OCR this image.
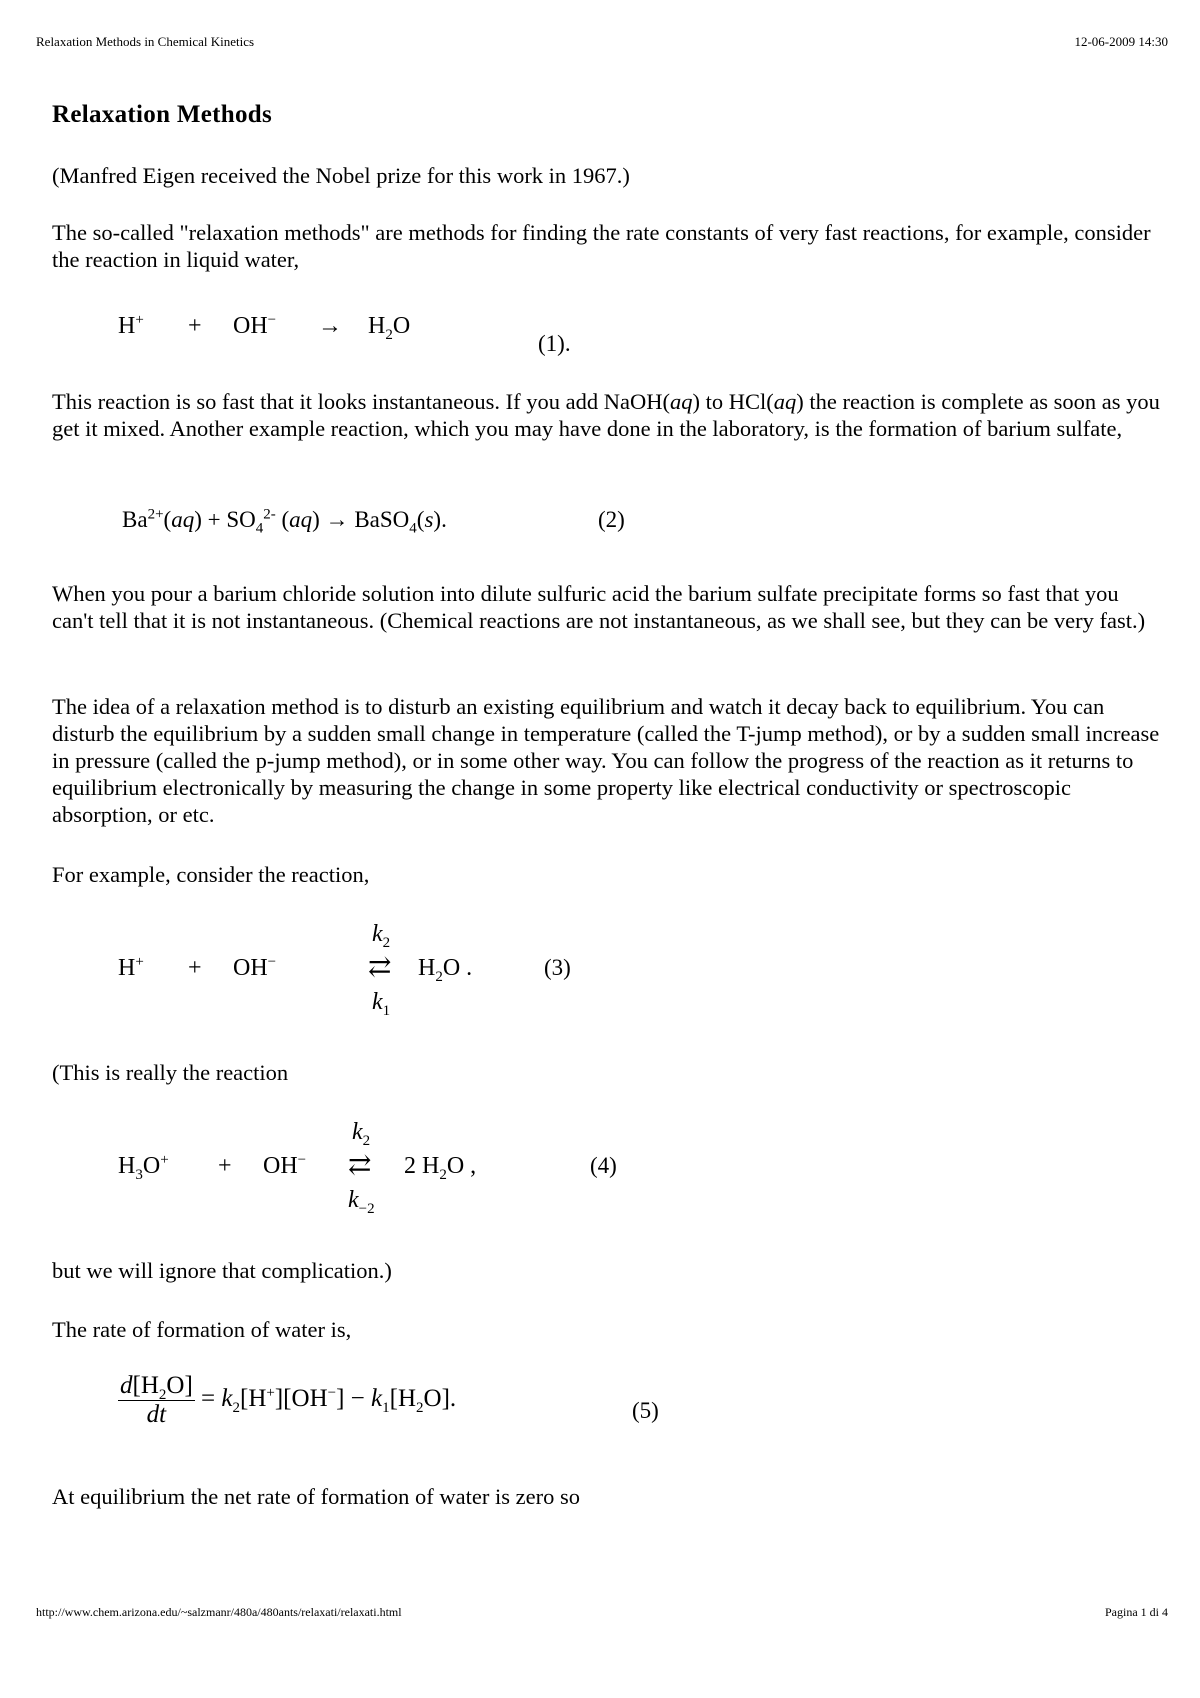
Relaxation Methods in Chemical Kinetics	12-06-2009 14:30
Relaxation Methods

(Manfred Eigen received the Nobel prize for this work in 1967.)

The so-called "relaxation methods" are methods for finding the rate constants of very fast reactions, for example, consider the reaction in liquid water,

$H^+ + OH^- \to H_2O$
(1).

This reaction is so fast that it looks instantaneous. If you add NaOH(aq) to HCl(aq) the reaction is complete as soon as you get it mixed. Another example reaction, which you may have done in the laboratory, is the formation of barium sulfate,

$Ba^{2+}(aq) + SO_4^{2-}$ (aq) → BaSO$_4$(s).	(2)

When you pour a barium chloride solution into dilute sulfuric acid the barium sulfate precipitate forms so fast that you can't tell that it is not instantaneous. (Chemical reactions are not instantaneous, as we shall see, but they can be very fast.)

The idea of a relaxation method is to disturb an existing equilibrium and watch it decay back to equilibrium. You can disturb the equilibrium by a sudden small change in temperature (called the T-jump method), or by a sudden small increase in pressure (called the p-jump method), or in some other way. You can follow the progress of the reaction as it returns to equilibrium electronically by measuring the change in some property like electrical conductivity or spectroscopic absorption, or etc.

For example, consider the reaction,

H+ + OH−
$k_2$
⇄
$k_1$
$H_2O$ .	(3)

(This is really the reaction

$H_3O^+ + OH^-$
$k_2$
⇄
$k_{-2}$
2 $H_2O$ ,	(4)

but we will ignore that complication.)

The rate of formation of water is,

$\frac{d[H_2O]}{dt} = k_2[H^+][OH^-] - k_1[H_2O]$.	(5)

At equilibrium the net rate of formation of water is zero so

http://www.chem.arizona.edu/~salzmanr/480a/480ants/relaxati/relaxati.html	Pagina 1 di 4
